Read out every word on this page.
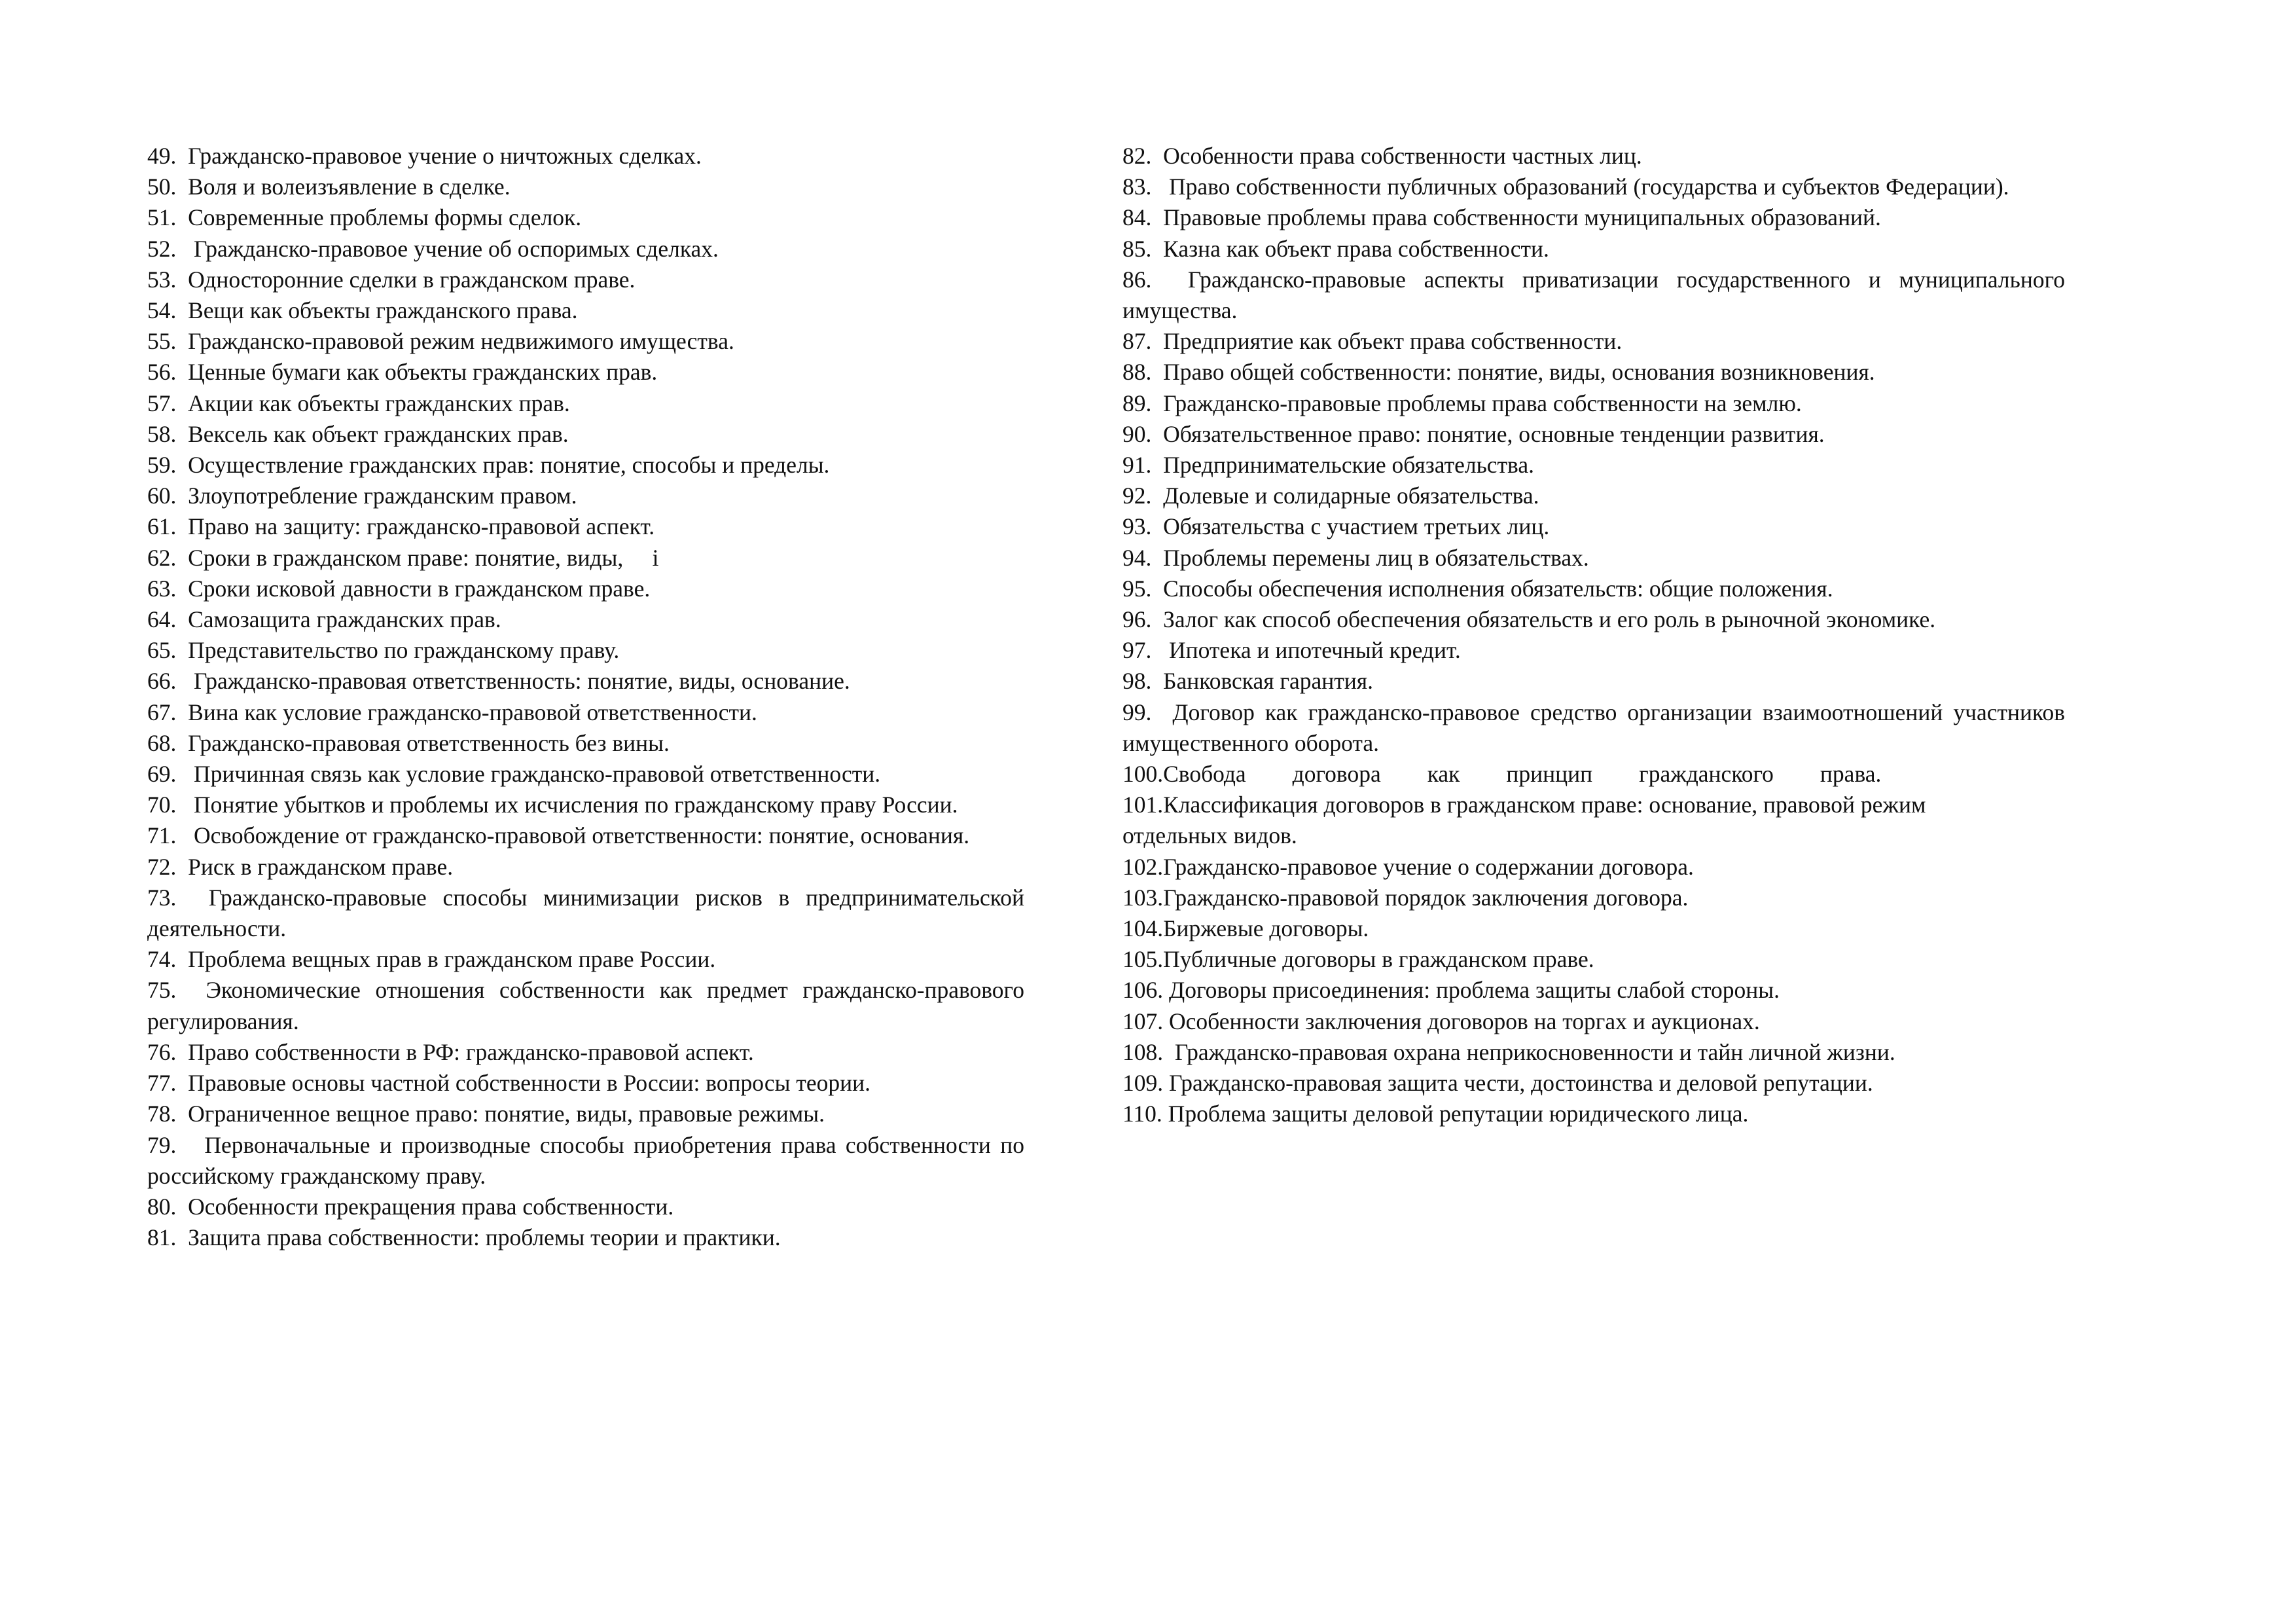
49.  Гражданско-правовое учение о ничтожных сделках.

50.  Воля и волеизъявление в сделке.

51.  Современные проблемы формы сделок.

52.   Гражданско-правовое учение об оспоримых сделках.

53.  Односторонние сделки в гражданском праве.

54.  Вещи как объекты гражданского права.

55.  Гражданско-правовой режим недвижимого имущества.

56.  Ценные бумаги как объекты гражданских прав.

57.  Акции как объекты гражданских прав.

58.  Вексель как объект гражданских прав.

59.  Осуществление гражданских прав: понятие, способы и пределы.

60.  Злоупотребление гражданским правом.

61.  Право на защиту: гражданско-правовой аспект.

62.  Сроки в гражданском праве: понятие, виды,     i

63.  Сроки исковой давности в гражданском праве.

64.  Самозащита гражданских прав.

65.  Представительство по гражданскому праву.

66.   Гражданско-правовая ответственность: понятие, виды, основание.

67.  Вина как условие гражданско-правовой ответственности.

68.  Гражданско-правовая ответственность без вины.

69.   Причинная связь как условие гражданско-правовой ответственности.

70.   Понятие убытков и проблемы их исчисления по гражданскому праву России.

71.   Освобождение от гражданско-правовой ответственности: понятие, основания.

72.  Риск в гражданском праве.

73.  Гражданско-правовые способы минимизации рисков в предпринимательской деятельности.

74.  Проблема вещных прав в гражданском праве России.

75.  Экономические отношения собственности как предмет гражданско-правового регулирования.

76.  Право собственности в РФ: гражданско-правовой аспект.

77.  Правовые основы частной собственности в России: вопросы теории.

78.  Ограниченное вещное право: понятие, виды, правовые режимы.

79.   Первоначальные и производные способы приобретения права собственности по российскому гражданскому праву.

80.  Особенности прекращения права собственности.

81.  Защита права собственности: проблемы теории и практики.

82.  Особенности права собственности частных лиц.

83.   Право собственности публичных образований (государства и субъектов Федерации).

84.  Правовые проблемы права собственности муниципальных образований.

85.  Казна как объект права собственности.

86.  Гражданско-правовые аспекты приватизации государственного и муниципального имущества.

87.  Предприятие как объект права собственности.

88.  Право общей собственности: понятие, виды, основания возникновения.

89.  Гражданско-правовые проблемы права собственности на землю.

90.  Обязательственное право: понятие, основные тенденции развития.

91.  Предпринимательские обязательства.

92.  Долевые и солидарные обязательства.

93.  Обязательства с участием третьих лиц.

94.  Проблемы перемены лиц в обязательствах.

95.  Способы обеспечения исполнения обязательств: общие положения.

96.  Залог как способ обеспечения обязательств и его роль в рыночной экономике.

97.   Ипотека и ипотечный кредит.

98.  Банковская гарантия.

99.  Договор как гражданско-правовое средство организации взаимоотношений участников имущественного оборота.

100.Свобода        договора        как        принцип        гражданского        права.

101.Классификация договоров в гражданском праве: основание, правовой режим

отдельных видов.

102.Гражданско-правовое учение о содержании договора.

103.Гражданско-правовой порядок заключения договора.

104.Биржевые договоры.

105.Публичные договоры в гражданском праве.

106. Договоры присоединения: проблема защиты слабой стороны.

107. Особенности заключения договоров на торгах и аукционах.

108.  Гражданско-правовая охрана неприкосновенности и тайн личной жизни.

109. Гражданско-правовая защита чести, достоинства и деловой репутации.

110. Проблема защиты деловой репутации юридического лица.
